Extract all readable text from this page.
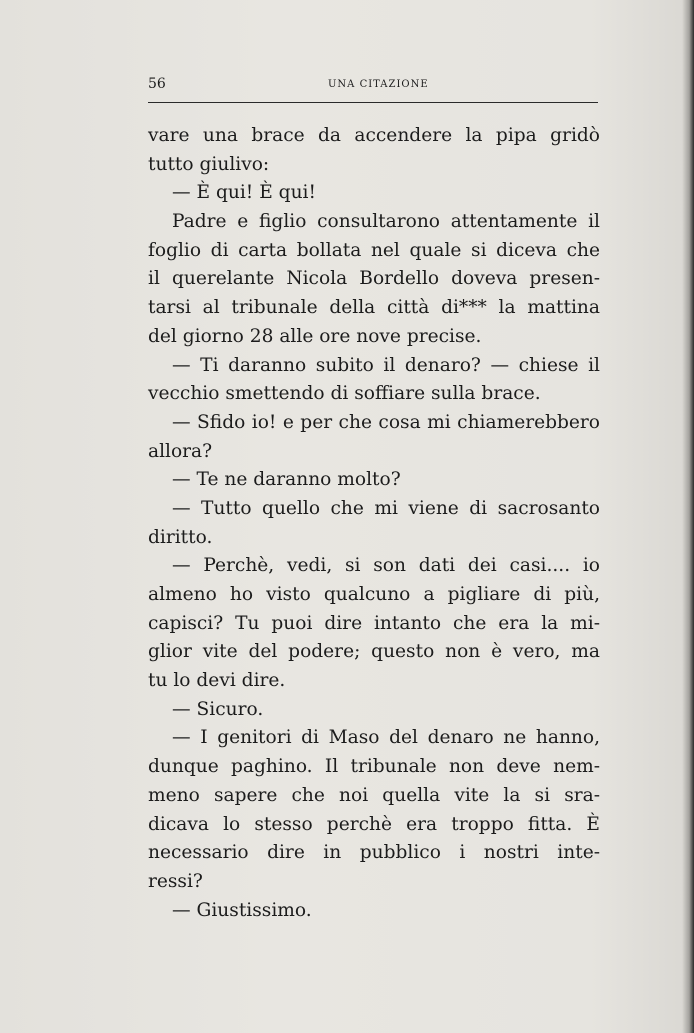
56	UNA CITAZIONE
vare una brace da accendere la pipa gridò
tutto giulivo:
— È qui! È qui!
Padre e figlio consultarono attentamente il
foglio di carta bollata nel quale si diceva che
il querelante Nicola Bordello doveva presen-
tarsi al tribunale della città di*** la mattina
del giorno 28 alle ore nove precise.
— Ti daranno subito il denaro? — chiese il
vecchio smettendo di soffiare sulla brace.
— Sfido io! e per che cosa mi chiamerebbero
allora?
— Te ne daranno molto?
— Tutto quello che mi viene di sacrosanto
diritto.
— Perchè, vedi, si son dati dei casi.... io
almeno ho visto qualcuno a pigliare di più,
capisci? Tu puoi dire intanto che era la mi-
glior vite del podere; questo non è vero, ma
tu lo devi dire.
— Sicuro.
— I genitori di Maso del denaro ne hanno,
dunque paghino. Il tribunale non deve nem-
meno sapere che noi quella vite la si sra-
dicava lo stesso perchè era troppo fitta. È
necessario dire in pubblico i nostri inte-
ressi?
— Giustissimo.
